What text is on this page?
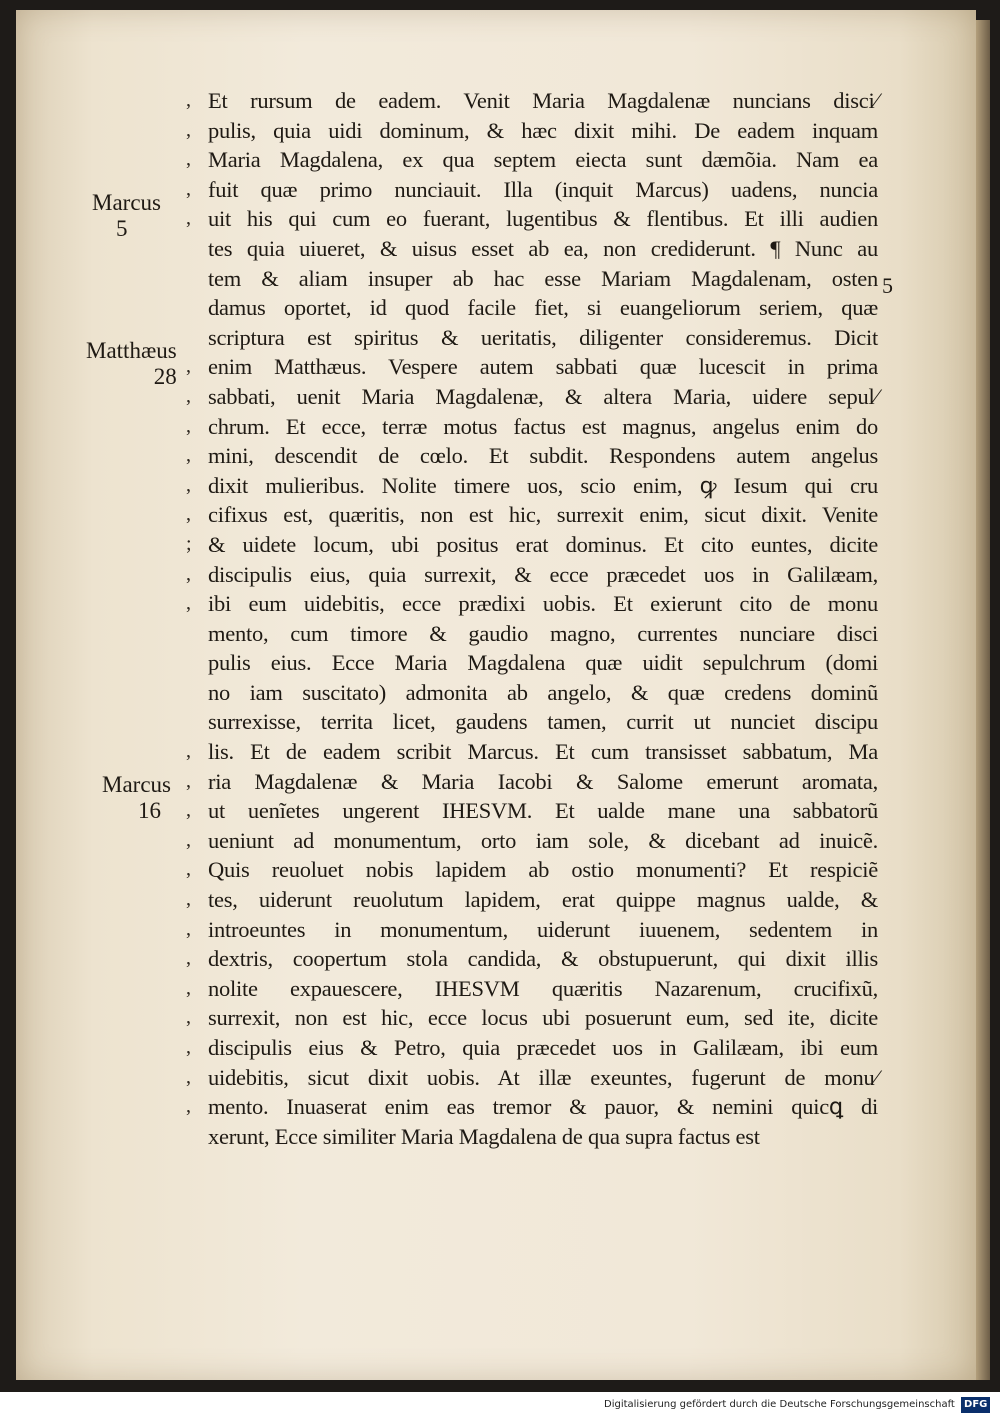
,
,
,
,
,
,
,
,
,
,
,
;
,
,
,
,
,
,
,
,
,
,
,
,
,
,
,
Marcus
5
Matthæus
28
Marcus
16
5
Et rursum de eadem. Venit Maria Magdalenæ nuncians disci⁄
pulis, quia uidi dominum, & hæc dixit mihi. De eadem inquam
Maria Magdalena, ex qua septem eiecta sunt dæmõia. Nam ea
fuit quæ primo nunciauit. Illa (inquit Marcus) uadens, nuncia
uit his qui cum eo fuerant, lugentibus & flentibus. Et illi audien
tes quia uiueret, & uisus esset ab ea, non crediderunt. ¶ Nunc au
tem & aliam insuper ab hac esse Mariam Magdalenam, osten
damus oportet, id quod facile fiet, si euangeliorum seriem, quæ
scriptura est spiritus & ueritatis, diligenter consideremus. Dicit
enim Matthæus. Vespere autem sabbati quæ lucescit in prima
sabbati, uenit Maria Magdalenæ, & altera Maria, uidere sepul⁄
chrum. Et ecce, terræ motus factus est magnus, angelus enim do
mini, descendit de cœlo. Et subdit. Respondens autem angelus
dixit mulieribus. Nolite timere uos, scio enim, ꝙ Iesum qui cru
cifixus est, quæritis, non est hic, surrexit enim, sicut dixit. Venite
& uidete locum, ubi positus erat dominus. Et cito euntes, dicite
discipulis eius, quia surrexit, & ecce præcedet uos in Galilæam,
ibi eum uidebitis, ecce prædixi uobis. Et exierunt cito de monu
mento, cum timore & gaudio magno, currentes nunciare disci
pulis eius. Ecce Maria Magdalena quæ uidit sepulchrum (domi
no iam suscitato) admonita ab angelo, & quæ credens dominũ
surrexisse, territa licet, gaudens tamen, currit ut nunciet discipu
lis. Et de eadem scribit Marcus. Et cum transisset sabbatum, Ma
ria Magdalenæ & Maria Iacobi & Salome emerunt aromata,
ut uenĩetes ungerent IHESVM. Et ualde mane una sabbatorũ
ueniunt ad monumentum, orto iam sole, & dicebant ad inuicẽ.
Quis reuoluet nobis lapidem ab ostio monumenti? Et respiciẽ
tes, uiderunt reuolutum lapidem, erat quippe magnus ualde, &
introeuntes in monumentum, uiderunt iuuenem, sedentem in
dextris, coopertum stola candida, & obstupuerunt, qui dixit illis
nolite expauescere, IHESVM quæritis Nazarenum, crucifixũ,
surrexit, non est hic, ecce locus ubi posuerunt eum, sed ite, dicite
discipulis eius & Petro, quia præcedet uos in Galilæam, ibi eum
uidebitis, sicut dixit uobis. At illæ exeuntes, fugerunt de monu⁄
mento. Inuaserat enim eas tremor & pauor, & nemini quicꝗ di
xerunt, Ecce similiter Maria Magdalena de qua supra factus est
Digitalisierung gefördert durch die Deutsche Forschungsgemeinschaft DFG
